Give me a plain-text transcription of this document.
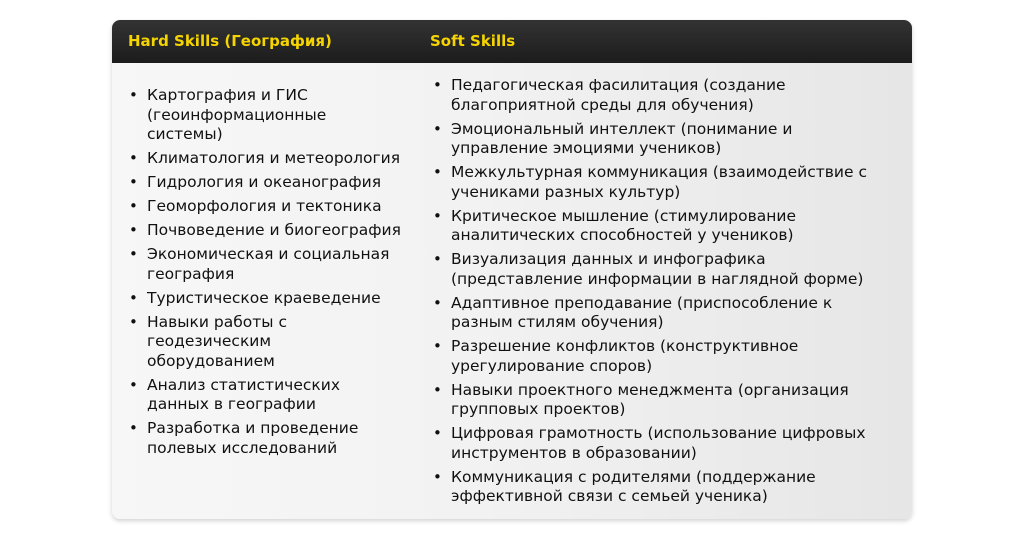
Hard Skills (География)	Soft Skills
• Картография и ГИС (геоинформационные системы)
• Климатология и метеорология
• Гидрология и океанография
• Геоморфология и тектоника
• Почвоведение и биогеография
• Экономическая и социальная география
• Туристическое краеведение
• Навыки работы с геодезическим оборудованием
• Анализ статистических данных в географии
• Разработка и проведение полевых исследований
• Педагогическая фасилитация (создание благоприятной среды для обучения)
• Эмоциональный интеллект (понимание и управление эмоциями учеников)
• Межкультурная коммуникация (взаимодействие с учениками разных культур)
• Критическое мышление (стимулирование аналитических способностей у учеников)
• Визуализация данных и инфографика (представление информации в наглядной форме)
• Адаптивное преподавание (приспособление к разным стилям обучения)
• Разрешение конфликтов (конструктивное урегулирование споров)
• Навыки проектного менеджмента (организация групповых проектов)
• Цифровая грамотность (использование цифровых инструментов в образовании)
• Коммуникация с родителями (поддержание эффективной связи с семьей ученика)
